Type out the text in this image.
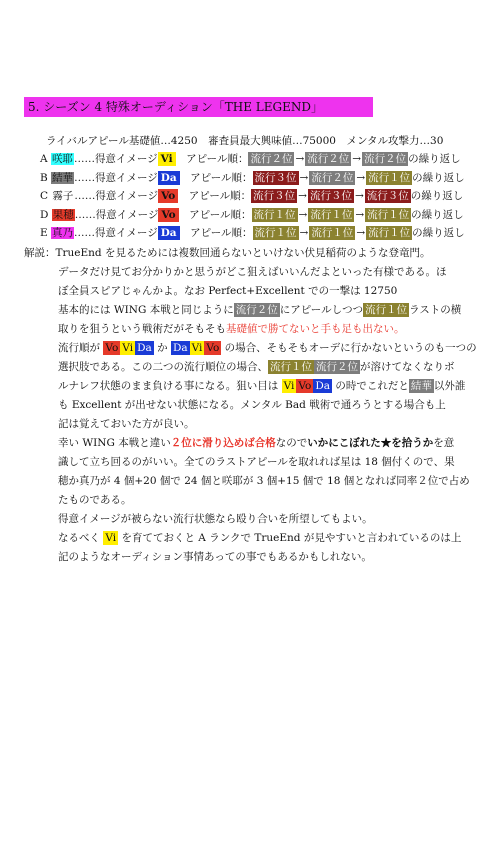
5. シーズン 4 特殊オーディション「THE LEGEND」
ライバルアピール基礎値…4250　審査員最大興味値…75000　メンタル攻撃力…30
A 咲耶……得意イメージ Vi　 アピール順： 流行２位 → 流行２位 → 流行２位 の繰り返し
B 結華……得意イメージ Da　 アピール順： 流行３位 → 流行２位 → 流行１位 の繰り返し
C 霧子……得意イメージ Vo　 アピール順： 流行３位 → 流行３位 → 流行３位 の繰り返し
D 果穂……得意イメージ Vo　 アピール順： 流行１位 → 流行１位 → 流行１位 の繰り返し
E 真乃……得意イメージ Da　 アピール順： 流行１位 → 流行１位 → 流行１位 の繰り返し
解説：TrueEnd を見るためには複数回通らないといけない伏見稲荷のような登竜門。
データだけ見てお分かりかと思うがどこ狙えばいいんだよといった有様である。ほ
ぼ全員スピアじゃんかよ。なお Perfect+Excellent での一撃は 12750
基本的には WING 本戦と同じように 流行２位 にアピールしつつ 流行１位 ラストの横
取りを狙うという戦術だがそもそも基礎値で勝てないと手も足も出ない。
流行順が Vo Vi Da か Da Vi Vo の場合、そもそもオーデに行かないというのも一つの
選択肢である。この二つの流行順位の場合、 流行１位 流行２位 が溶けてなくなりボ
ルナレフ状態のまま負ける事になる。狙い目は Vi Vo Da の時でこれだと 結華 以外誰
も Excellent が出せない状態になる。メンタル Bad 戦術で通ろうとする場合も上
記は覚えておいた方が良い。
幸い WING 本戦と違い２位に滑り込めば合格なのでいかにこぼれた★を拾うかを意
識して立ち回るのがいい。全てのラストアピールを取れれば星は 18 個付くので、果
穂か真乃が 4 個+20 個で 24 個と咲耶が 3 個+15 個で 18 個となれば同率２位で占め
たものである。
得意イメージが被らない流行状態なら殴り合いを所望してもよい。
なるべく Vi を育てておくと A ランクで TrueEnd が見やすいと言われているのは上
記のようなオーディション事情あっての事でもあるかもしれない。
